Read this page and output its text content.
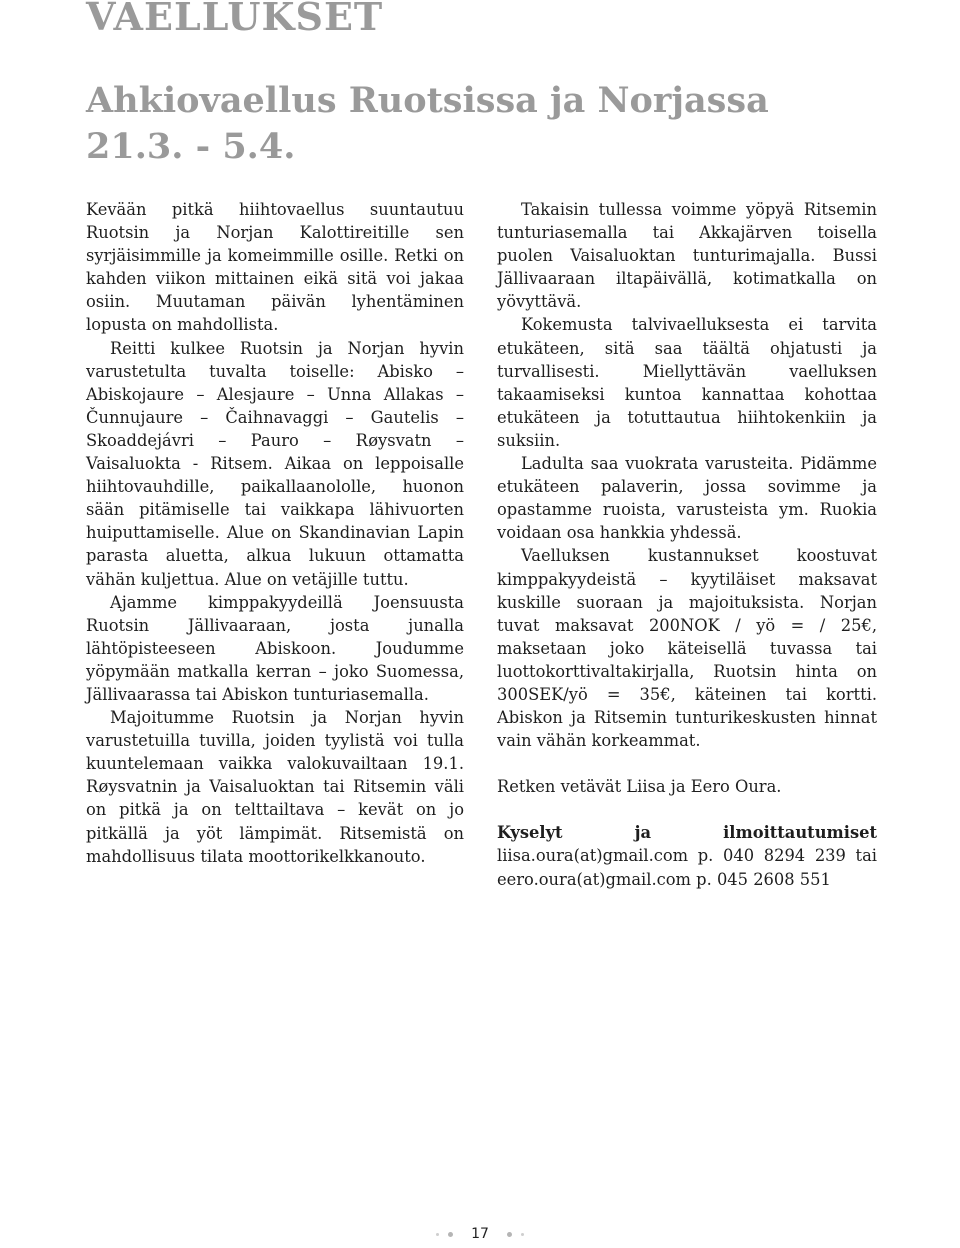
VAELLUKSET
Ahkiovaellus Ruotsissa ja Norjassa
21.3. - 5.4.

Kevään pitkä hiihtovaellus suuntautuu Ruotsin ja Norjan Kalottireitille sen syrjäisimmille ja komeimmille osille. Retki on kahden viikon mittainen eikä sitä voi jakaa osiin. Muutaman päivän lyhentäminen lopusta on mahdollista.

Reitti kulkee Ruotsin ja Norjan hyvin varustetulta tuvalta toiselle: Abisko – Abiskojaure – Alesjaure – Unna Allakas – Čunnujaure – Čaihnavaggi – Gautelis – Skoaddejávri – Pauro – Røysvatn – Vaisaluokta - Ritsem. Aikaa on leppoisalle hiihtovauhdille, paikallaanololle, huonon sään pitämiselle tai vaikkapa lähivuorten huiputtamiselle. Alue on Skandinavian Lapin parasta aluetta, alkua lukuun ottamatta vähän kuljettua. Alue on vetäjille tuttu.

Ajamme kimppakyydeillä Joensuusta Ruotsin Jällivaaraan, josta junalla lähtöpisteeseen Abiskoon. Joudumme yöpymään matkalla kerran – joko Suomessa, Jällivaarassa tai Abiskon tunturiasemalla.

Majoitumme Ruotsin ja Norjan hyvin varustetuilla tuvilla, joiden tyylistä voi tulla kuuntelemaan vaikka valokuvailtaan 19.1. Røysvatnin ja Vaisaluoktan tai Ritsemin väli on pitkä ja on telttailtava – kevät on jo pitkällä ja yöt lämpimät. Ritsemistä on mahdollisuus tilata moottorikelkkanouto.

Takaisin tullessa voimme yöpyä Ritsemin tunturiasemalla tai Akkajärven toisella puolen Vaisaluoktan tunturimajalla. Bussi Jällivaaraan iltapäivällä, kotimatkalla on yövyttävä.

Kokemusta talvivaelluksesta ei tarvita etukäteen, sitä saa täältä ohjatusti ja turvallisesti. Miellyttävän vaelluksen takaamiseksi kuntoa kannattaa kohottaa etukäteen ja totuttautua hiihtokenkiin ja suksiin.

Ladulta saa vuokrata varusteita. Pidämme etukäteen palaverin, jossa sovimme ja opastamme ruoista, varusteista ym. Ruokia voidaan osa hankkia yhdessä.

Vaelluksen kustannukset koostuvat kimppakyydeistä – kyytiläiset maksavat kuskille suoraan ja majoituksista. Norjan tuvat maksavat 200NOK / yö = / 25€, maksetaan joko käteisellä tuvassa tai luottokorttivaltakirjalla, Ruotsin hinta on 300SEK/yö = 35€, käteinen tai kortti. Abiskon ja Ritsemin tunturikeskusten hinnat vain vähän korkeammat.

Retken vetävät Liisa ja Eero Oura.

Kyselyt ja ilmoittautumiset liisa.oura(at)gmail.com p. 040 8294 239 tai eero.oura(at)gmail.com p. 045 2608 551

17
